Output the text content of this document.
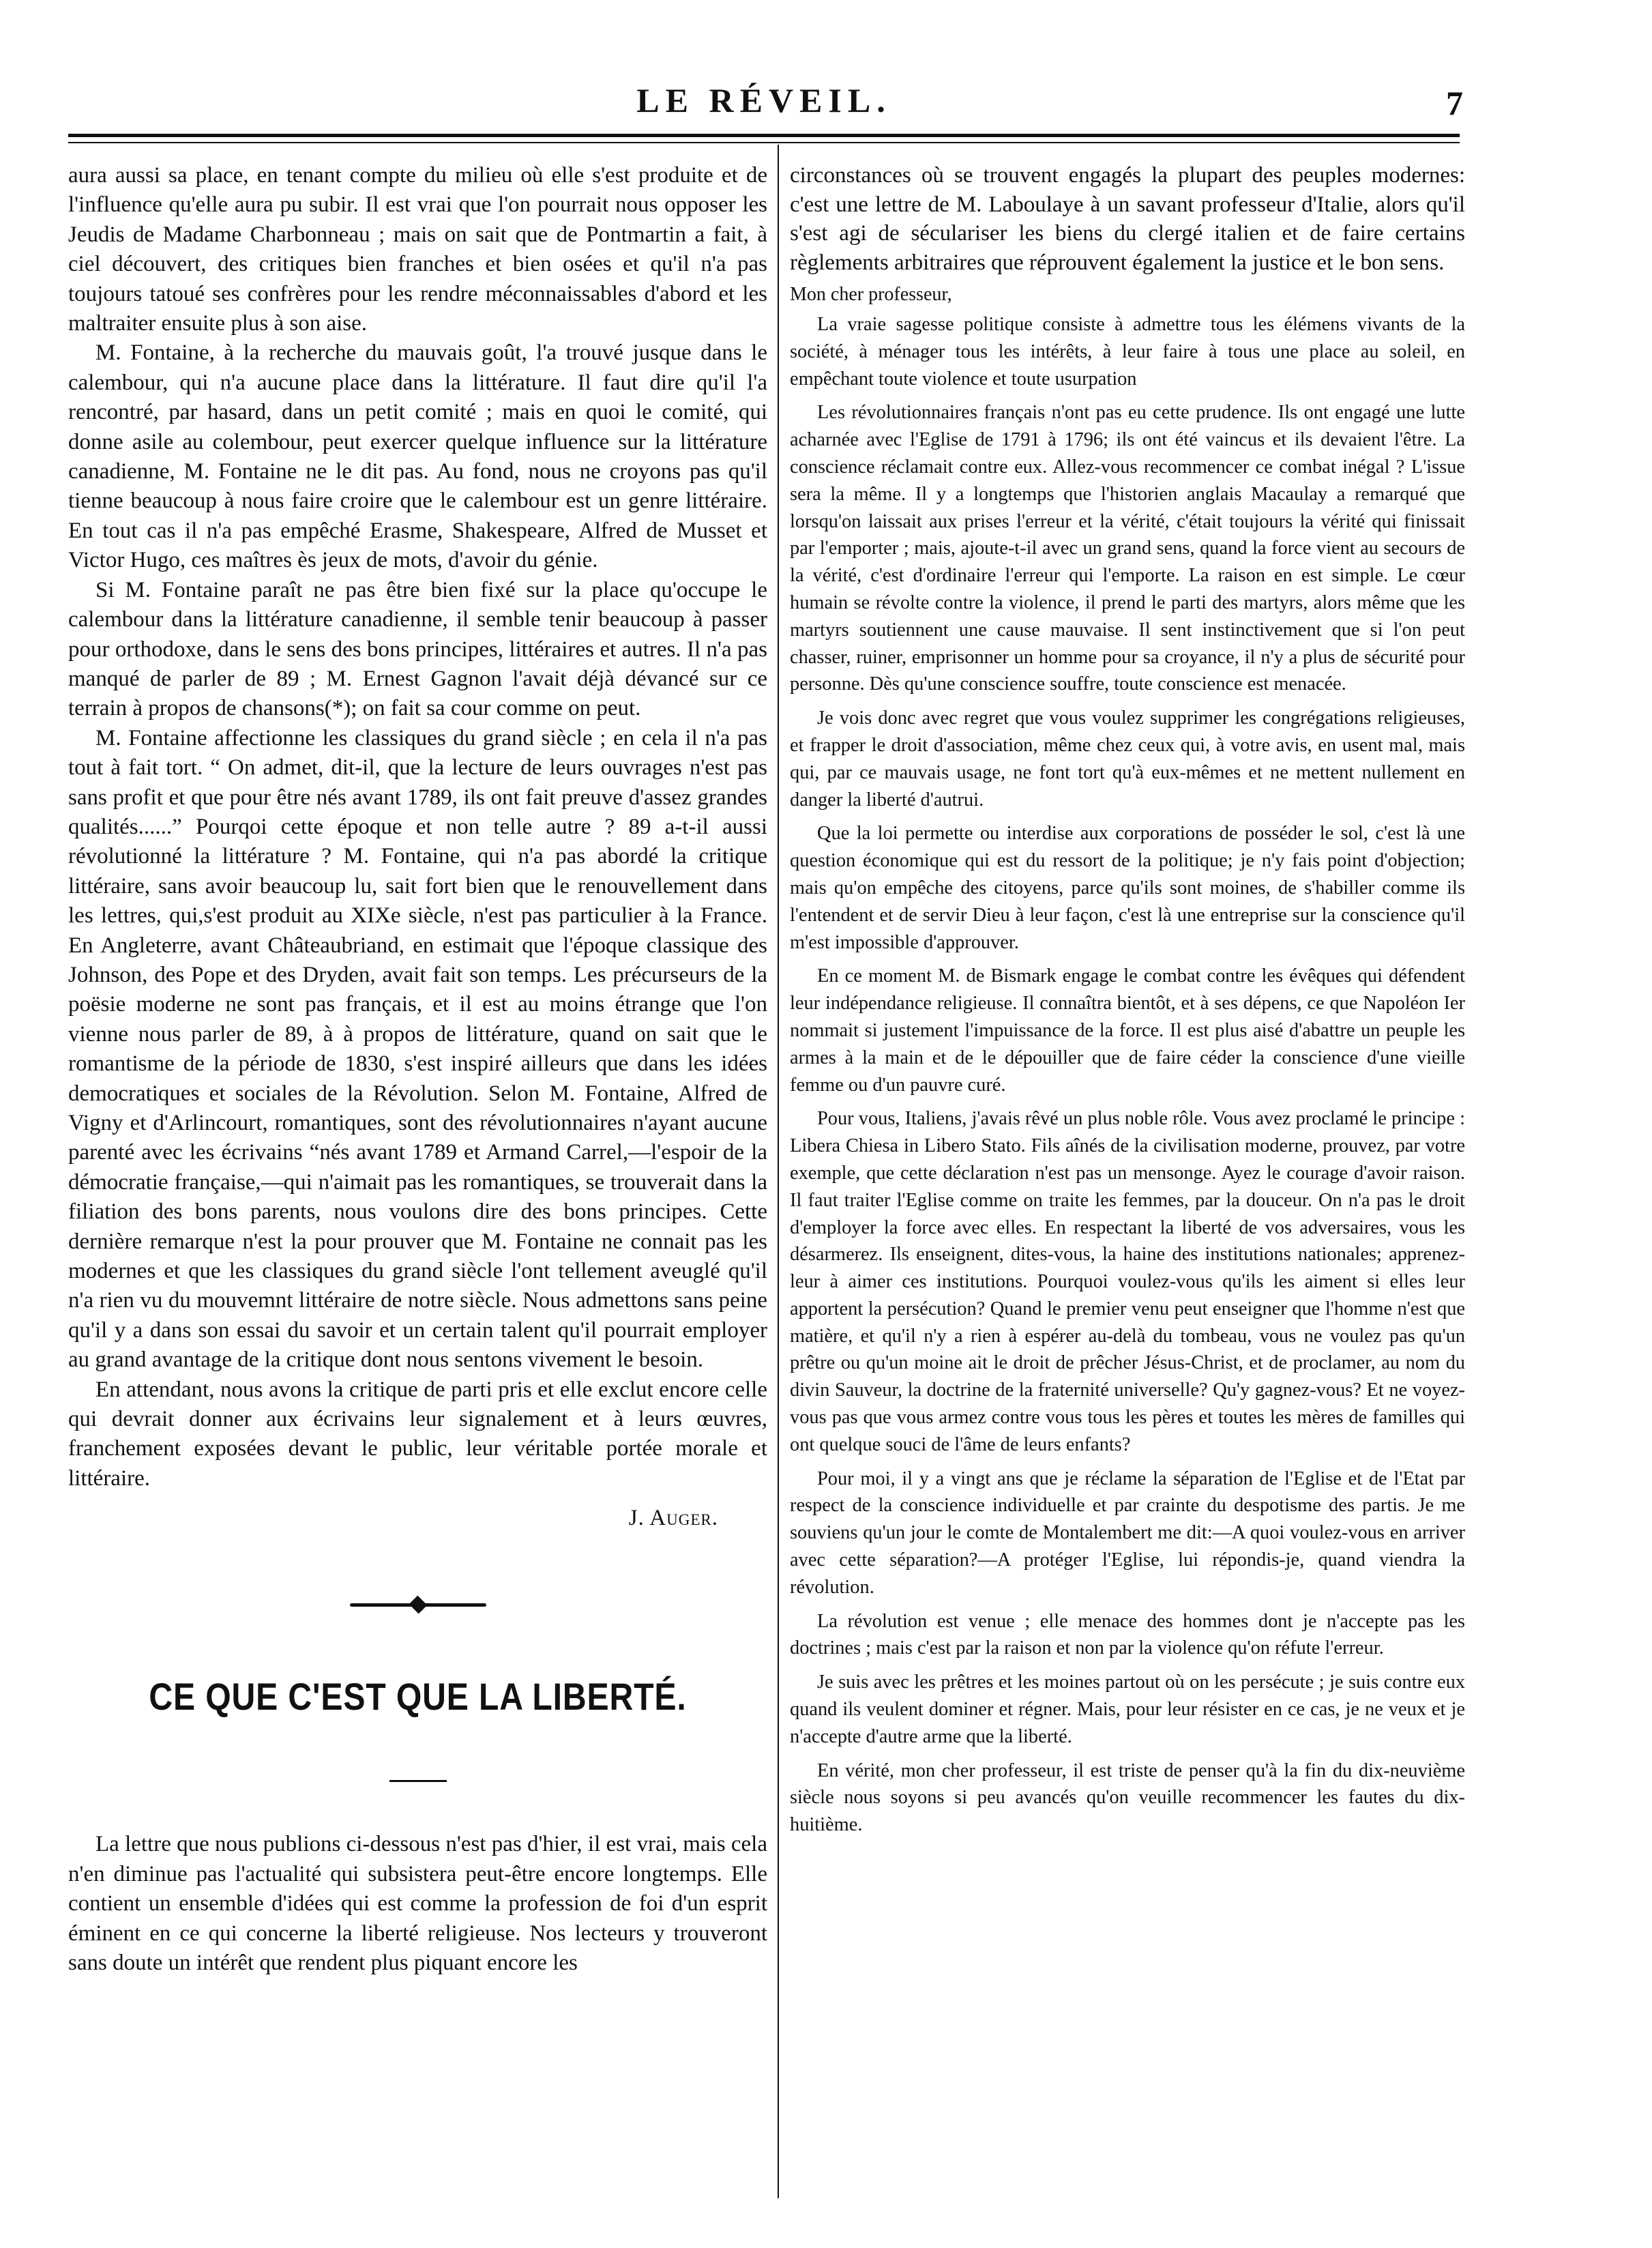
LE RÉVEIL.	7

aura aussi sa place, en tenant compte du milieu où elle s'est produite et de l'influence qu'elle aura pu subir. Il est vrai que l'on pourrait nous opposer les Jeudis de Madame Charbonneau ; mais on sait que de Pontmartin a fait, à ciel découvert, des critiques bien franches et bien osées et qu'il n'a pas toujours tatoué ses confrères pour les rendre méconnaissables d'abord et les maltraiter ensuite plus à son aise.

M. Fontaine, à la recherche du mauvais goût, l'a trouvé jusque dans le calembour, qui n'a aucune place dans la littérature. Il faut dire qu'il l'a rencontré, par hasard, dans un petit comité ; mais en quoi le comité, qui donne asile au colembour, peut exercer quelque influence sur la littérature canadienne, M. Fontaine ne le dit pas. Au fond, nous ne croyons pas qu'il tienne beaucoup à nous faire croire que le calembour est un genre littéraire. En tout cas il n'a pas empêché Erasme, Shakespeare, Alfred de Musset et Victor Hugo, ces maîtres ès jeux de mots, d'avoir du génie.

Si M. Fontaine paraît ne pas être bien fixé sur la place qu'occupe le calembour dans la littérature canadienne, il semble tenir beaucoup à passer pour orthodoxe, dans le sens des bons principes, littéraires et autres. Il n'a pas manqué de parler de 89 ; M. Ernest Gagnon l'avait déjà dévancé sur ce terrain à propos de chansons(*); on fait sa cour comme on peut.

M. Fontaine affectionne les classiques du grand siècle ; en cela il n'a pas tout à fait tort. “ On admet, dit-il, que la lecture de leurs ouvrages n'est pas sans profit et que pour être nés avant 1789, ils ont fait preuve d'assez grandes qualités......” Pourqoi cette époque et non telle autre ? 89 a-t-il aussi révolutionné la littérature ? M. Fontaine, qui n'a pas abordé la critique littéraire, sans avoir beaucoup lu, sait fort bien que le renouvellement dans les lettres, qui,s'est produit au XIXe siècle, n'est pas particulier à la France. En Angleterre, avant Châteaubriand, en estimait que l'époque classique des Johnson, des Pope et des Dryden, avait fait son temps. Les précurseurs de la poësie moderne ne sont pas français, et il est au moins étrange que l'on vienne nous parler de 89, à à propos de littérature, quand on sait que le romantisme de la période de 1830, s'est inspiré ailleurs que dans les idées democratiques et sociales de la Révolution. Selon M. Fontaine, Alfred de Vigny et d'Arlincourt, romantiques, sont des révolutionnaires n'ayant aucune parenté avec les écrivains “nés avant 1789 et Armand Carrel,—l'espoir de la démocratie française,—qui n'aimait pas les romantiques, se trouverait dans la filiation des bons parents, nous voulons dire des bons principes. Cette dernière remarque n'est la pour prouver que M. Fontaine ne connait pas les modernes et que les classiques du grand siècle l'ont tellement aveuglé qu'il n'a rien vu du mouvemnt littéraire de notre siècle. Nous admettons sans peine qu'il y a dans son essai du savoir et un certain talent qu'il pourrait employer au grand avantage de la critique dont nous sentons vivement le besoin.

En attendant, nous avons la critique de parti pris et elle exclut encore celle qui devrait donner aux écrivains leur signalement et à leurs œuvres, franchement exposées devant le public, leur véritable portée morale et littéraire.

J. Auger.
CE QUE C'EST QUE LA LIBERTÉ.

La lettre que nous publions ci-dessous n'est pas d'hier, il est vrai, mais cela n'en diminue pas l'actualité qui subsistera peut-être encore longtemps. Elle contient un ensemble d'idées qui est comme la profession de foi d'un esprit éminent en ce qui concerne la liberté religieuse. Nos lecteurs y trouveront sans doute un intérêt que rendent plus piquant encore les

circonstances où se trouvent engagés la plupart des peuples modernes: c'est une lettre de M. Laboulaye à un savant professeur d'Italie, alors qu'il s'est agi de séculariser les biens du clergé italien et de faire certains règlements arbitraires que réprouvent également la justice et le bon sens.

Mon cher professeur,

La vraie sagesse politique consiste à admettre tous les élémens vivants de la société, à ménager tous les intérêts, à leur faire à tous une place au soleil, en empêchant toute violence et toute usurpation

Les révolutionnaires français n'ont pas eu cette prudence. Ils ont engagé une lutte acharnée avec l'Eglise de 1791 à 1796; ils ont été vaincus et ils devaient l'être. La conscience réclamait contre eux. Allez-vous recommencer ce combat inégal ? L'issue sera la même. Il y a longtemps que l'historien anglais Macaulay a remarqué que lorsqu'on laissait aux prises l'erreur et la vérité, c'était toujours la vérité qui finissait par l'emporter ; mais, ajoute-t-il avec un grand sens, quand la force vient au secours de la vérité, c'est d'ordinaire l'erreur qui l'emporte. La raison en est simple. Le cœur humain se révolte contre la violence, il prend le parti des martyrs, alors même que les martyrs soutiennent une cause mauvaise. Il sent instinctivement que si l'on peut chasser, ruiner, emprisonner un homme pour sa croyance, il n'y a plus de sécurité pour personne. Dès qu'une conscience souffre, toute conscience est menacée.

Je vois donc avec regret que vous voulez supprimer les congrégations religieuses, et frapper le droit d'association, même chez ceux qui, à votre avis, en usent mal, mais qui, par ce mauvais usage, ne font tort qu'à eux-mêmes et ne mettent nullement en danger la liberté d'autrui.

Que la loi permette ou interdise aux corporations de posséder le sol, c'est là une question économique qui est du ressort de la politique; je n'y fais point d'objection; mais qu'on empêche des citoyens, parce qu'ils sont moines, de s'habiller comme ils l'entendent et de servir Dieu à leur façon, c'est là une entreprise sur la conscience qu'il m'est impossible d'approuver.

En ce moment M. de Bismark engage le combat contre les évêques qui défendent leur indépendance religieuse. Il connaîtra bientôt, et à ses dépens, ce que Napoléon Ier nommait si justement l'impuissance de la force. Il est plus aisé d'abattre un peuple les armes à la main et de le dépouiller que de faire céder la conscience d'une vieille femme ou d'un pauvre curé.

Pour vous, Italiens, j'avais rêvé un plus noble rôle. Vous avez proclamé le principe : Libera Chiesa in Libero Stato. Fils aînés de la civilisation moderne, prouvez, par votre exemple, que cette déclaration n'est pas un mensonge. Ayez le courage d'avoir raison. Il faut traiter l'Eglise comme on traite les femmes, par la douceur. On n'a pas le droit d'employer la force avec elles. En respectant la liberté de vos adversaires, vous les désarmerez. Ils enseignent, dites-vous, la haine des institutions nationales; apprenez-leur à aimer ces institutions. Pourquoi voulez-vous qu'ils les aiment si elles leur apportent la persécution? Quand le premier venu peut enseigner que l'homme n'est que matière, et qu'il n'y a rien à espérer au-delà du tombeau, vous ne voulez pas qu'un prêtre ou qu'un moine ait le droit de prêcher Jésus-Christ, et de proclamer, au nom du divin Sauveur, la doctrine de la fraternité universelle? Qu'y gagnez-vous? Et ne voyez-vous pas que vous armez contre vous tous les pères et toutes les mères de familles qui ont quelque souci de l'âme de leurs enfants?

Pour moi, il y a vingt ans que je réclame la séparation de l'Eglise et de l'Etat par respect de la conscience individuelle et par crainte du despotisme des partis. Je me souviens qu'un jour le comte de Montalembert me dit:—A quoi voulez-vous en arriver avec cette séparation?—A protéger l'Eglise, lui répondis-je, quand viendra la révolution.

La révolution est venue ; elle menace des hommes dont je n'accepte pas les doctrines ; mais c'est par la raison et non par la violence qu'on réfute l'erreur.

Je suis avec les prêtres et les moines partout où on les persécute ; je suis contre eux quand ils veulent dominer et régner. Mais, pour leur résister en ce cas, je ne veux et je n'accepte d'autre arme que la liberté.

En vérité, mon cher professeur, il est triste de penser qu'à la fin du dix-neuvième siècle nous soyons si peu avancés qu'on veuille recommencer les fautes du dix-huitième.
